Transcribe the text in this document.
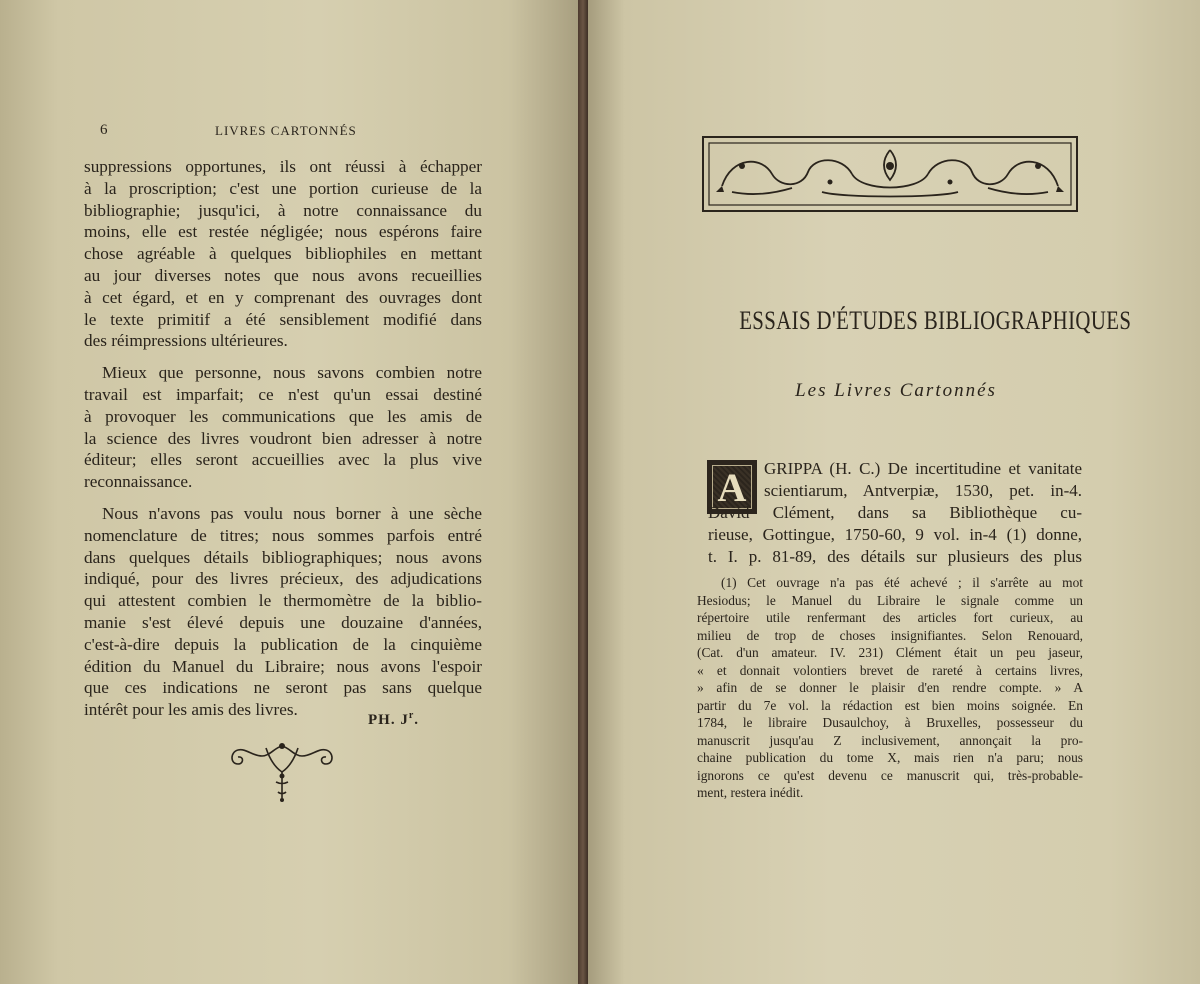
6	LIVRES CARTONNÉS
suppressions opportunes, ils ont réussi à échapper
à la proscription; c'est une portion curieuse de la
bibliographie; jusqu'ici, à notre connaissance du
moins, elle est restée négligée; nous espérons faire
chose agréable à quelques bibliophiles en mettant
au jour diverses notes que nous avons recueillies
à cet égard, et en y comprenant des ouvrages dont
le texte primitif a été sensiblement modifié dans
des réimpressions ultérieures.
Mieux que personne, nous savons combien notre
travail est imparfait; ce n'est qu'un essai destiné
à provoquer les communications que les amis de
la science des livres voudront bien adresser à notre
éditeur; elles seront accueillies avec la plus vive
reconnaissance.
Nous n'avons pas voulu nous borner à une sèche
nomenclature de titres; nous sommes parfois entré
dans quelques détails bibliographiques; nous avons
indiqué, pour des livres précieux, des adjudications
qui attestent combien le thermomètre de la biblio-
manie s'est élevé depuis une douzaine d'années,
c'est-à-dire depuis la publication de la cinquième
édition du Manuel du Libraire; nous avons l'espoir
que ces indications ne seront pas sans quelque
intérêt pour les amis des livres.
PH. $J^r$.
ESSAIS D'ÉTUDES BIBLIOGRAPHIQUES
Les Livres Cartonnés
A	GRIPPA (H. C.) De incertitudine et vanitate
scientiarum, Antverpiæ, 1530, pet. in-4.
David Clément, dans sa Bibliothèque cu-
rieuse, Gottingue, 1750-60, 9 vol. in-4 (1) donne,
t. I. p. 81-89, des détails sur plusieurs des plus
(1) Cet ouvrage n'a pas été achevé ; il s'arrête au mot
Hesiodus; le Manuel du Libraire le signale comme un
répertoire utile renfermant des articles fort curieux, au
milieu de trop de choses insignifiantes. Selon Renouard,
(Cat. d'un amateur. IV. 231) Clément était un peu jaseur,
« et donnait volontiers brevet de rareté à certains livres,
» afin de se donner le plaisir d'en rendre compte. » A
partir du 7e vol. la rédaction est bien moins soignée. En
1784, le libraire Dusaulchoy, à Bruxelles, possesseur du
manuscrit jusqu'au Z inclusivement, annonçait la pro-
chaine publication du tome X, mais rien n'a paru; nous
ignorons ce qu'est devenu ce manuscrit qui, très-probable-
ment, restera inédit.
